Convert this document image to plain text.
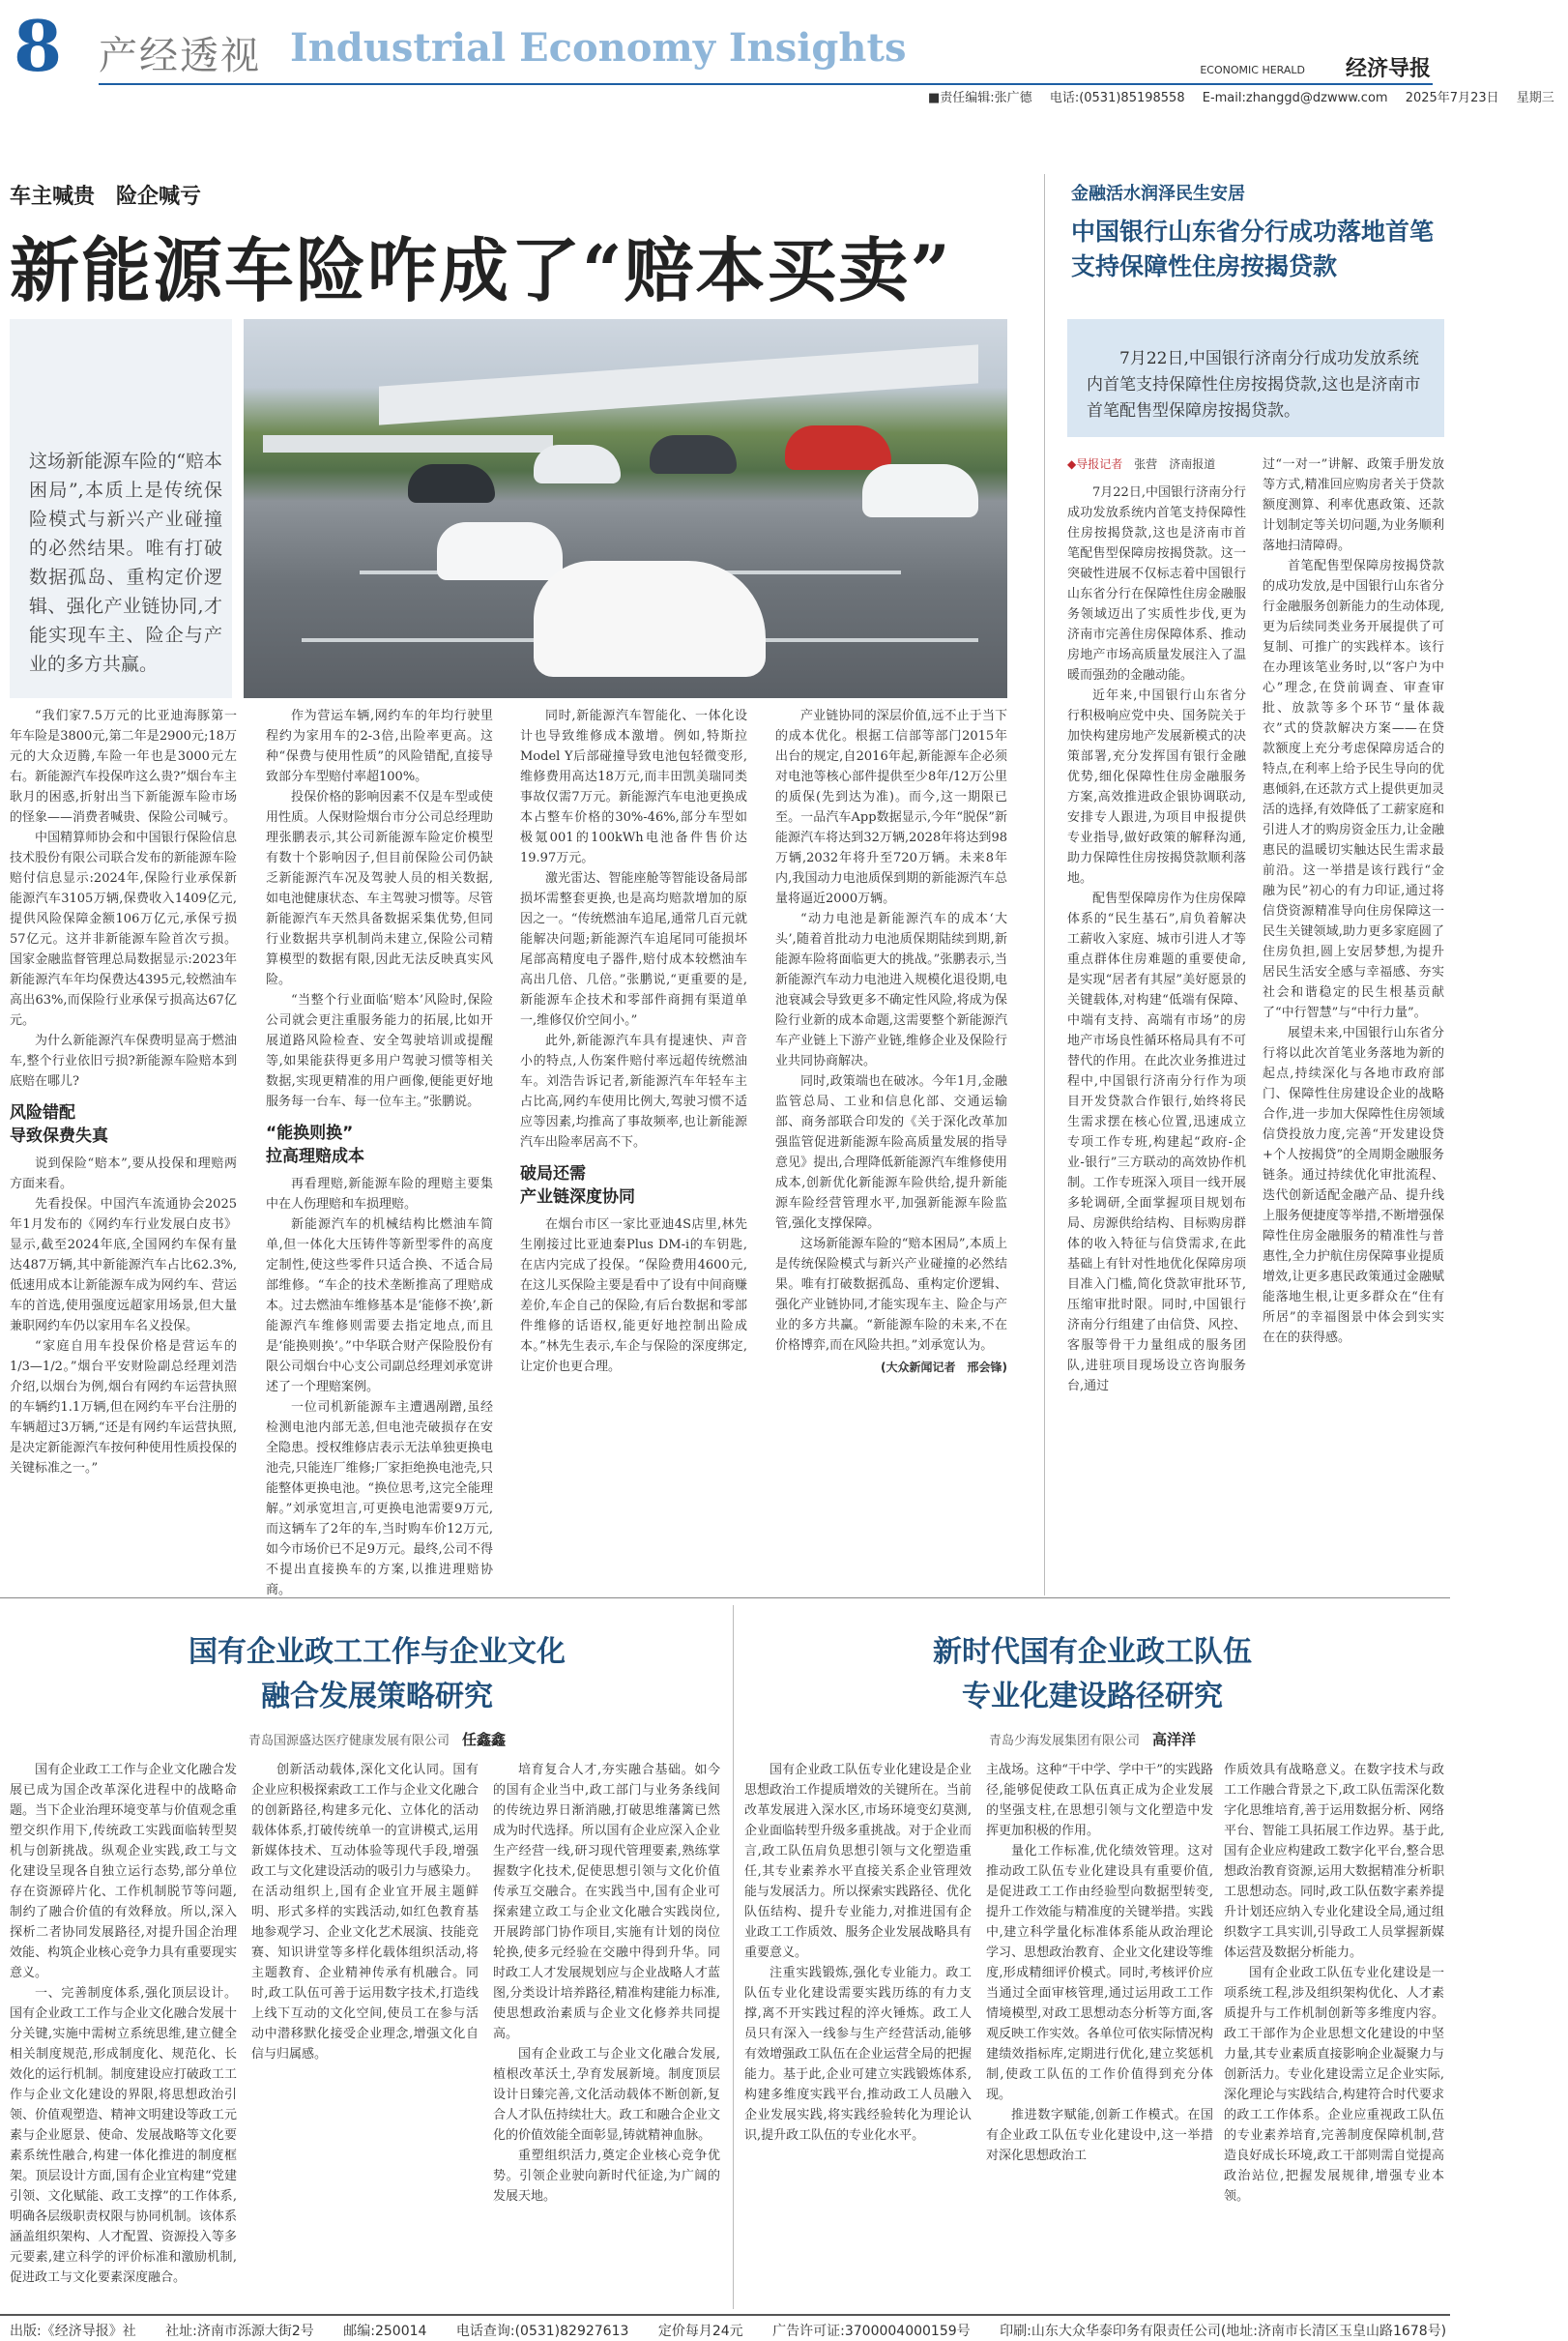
8 产经透视 Industrial Economy Insights	ECONOMIC HERALD 经济导报
■责任编辑:张广德 电话:(0531)85198558 E-mail:zhanggd@dzwww.com 2025年7月23日 星期三
车主喊贵　险企喊亏
新能源车险咋成了“赔本买卖”
这场新能源车险的“赔本困局”,本质上是传统保险模式与新兴产业碰撞的必然结果。唯有打破数据孤岛、重构定价逻辑、强化产业链协同,才能实现车主、险企与产业的多方共赢。

“我们家7.5万元的比亚迪海豚第一年车险是3800元,第二年是2900元;18万元的大众迈腾,车险一年也是3000元左右。新能源汽车投保咋这么贵?”烟台车主耿月的困惑,折射出当下新能源车险市场的怪象——消费者喊贵、保险公司喊亏。

中国精算师协会和中国银行保险信息技术股份有限公司联合发布的新能源车险赔付信息显示:2024年,保险行业承保新能源汽车3105万辆,保费收入1409亿元,提供风险保障金额106万亿元,承保亏损57亿元。这并非新能源车险首次亏损。国家金融监督管理总局数据显示:2023年新能源汽车年均保费达4395元,较燃油车高出63%,而保险行业承保亏损高达67亿元。

为什么新能源汽车保费明显高于燃油车,整个行业依旧亏损?新能源车险赔本到底赔在哪儿?

风险错配
导致保费失真

说到保险“赔本”,要从投保和理赔两方面来看。

先看投保。中国汽车流通协会2025年1月发布的《网约车行业发展白皮书》显示,截至2024年底,全国网约车保有量达487万辆,其中新能源汽车占比62.3%,低速用成本让新能源车成为网约车、营运车的首选,使用强度远超家用场景,但大量兼职网约车仍以家用车名义投保。

“家庭自用车投保价格是营运车的1/3—1/2。”烟台平安财险副总经理刘浩介绍,以烟台为例,烟台有网约车运营执照的车辆约1.1万辆,但在网约车平台注册的车辆超过3万辆,“还是有网约车运营执照,是决定新能源汽车按何种使用性质投保的关键标准之一。”

作为营运车辆,网约车的年均行驶里程约为家用车的2-3倍,出险率更高。这种“保费与使用性质”的风险错配,直接导致部分车型赔付率超100%。

投保价格的影响因素不仅是车型或使用性质。人保财险烟台市分公司总经理助理张鹏表示,其公司新能源车险定价模型有数十个影响因子,但目前保险公司仍缺乏新能源汽车况及驾驶人员的相关数据,如电池健康状态、车主驾驶习惯等。尽管新能源汽车天然具备数据采集优势,但同行业数据共享机制尚未建立,保险公司精算模型的数据有限,因此无法反映真实风险。

“当整个行业面临‘赔本’风险时,保险公司就会更注重服务能力的拓展,比如开展道路风险检查、安全驾驶培训或提醒等,如果能获得更多用户驾驶习惯等相关数据,实现更精准的用户画像,便能更好地服务每一台车、每一位车主。”张鹏说。

“能换则换”
拉高理赔成本

再看理赔,新能源车险的理赔主要集中在人伤理赔和车损理赔。

新能源汽车的机械结构比燃油车简单,但一体化大压铸件等新型零件的高度定制性,使这些零件只适合换、不适合局部维修。“车企的技术垄断推高了理赔成本。过去燃油车维修基本是‘能修不换’,新能源汽车维修则需要去指定地点,而且是‘能换则换’。”中华联合财产保险股份有限公司烟台中心支公司副总经理刘承宽讲述了一个理赔案例。

一位司机新能源车主遭遇剐蹭,虽经检测电池内部无恙,但电池壳破损存在安全隐患。授权维修店表示无法单独更换电池壳,只能连厂维修;厂家拒绝换电池壳,只能整体更换电池。“换位思考,这完全能理解。”刘承宽坦言,可更换电池需要9万元,而这辆车了2年的车,当时购车价12万元,如今市场价已不足9万元。最终,公司不得不提出直接换车的方案,以推进理赔协商。

同时,新能源汽车智能化、一体化设计也导致维修成本激增。例如,特斯拉Model Y后部碰撞导致电池包轻微变形,维修费用高达18万元,而丰田凯美瑞同类事故仅需7万元。新能源汽车电池更换成本占整车价格的30%-46%,部分车型如极氪001的100kWh电池备件售价达19.97万元。

激光雷达、智能座舱等智能设备局部损坏需整套更换,也是高均赔款增加的原因之一。“传统燃油车追尾,通常几百元就能解决问题;新能源汽车追尾同可能损坏尾部高精度电子器件,赔付成本较燃油车高出几倍、几倍。”张鹏说,“更重要的是,新能源车企技术和零部件商拥有渠道单一,维修仅价空间小。”

此外,新能源汽车具有提速快、声音小的特点,人伤案件赔付率远超传统燃油车。刘浩告诉记者,新能源汽车年轻车主占比高,网约车使用比例大,驾驶习惯不适应等因素,均推高了事故频率,也让新能源汽车出险率居高不下。

破局还需
产业链深度协同

在烟台市区一家比亚迪4S店里,林先生刚接过比亚迪秦Plus DM-i的车钥匙,在店内完成了投保。“保险费用4600元,在这儿买保险主要是看中了设有中间商赚差价,车企自己的保险,有后台数据和零部件维修的话语权,能更好地控制出险成本。”林先生表示,车企与保险的深度绑定,让定价也更合理。

产业链协同的深层价值,远不止于当下的成本优化。根据工信部等部门2015年出台的规定,自2016年起,新能源车企必须对电池等核心部件提供至少8年/12万公里的质保(先到达为准)。而今,这一期限已至。一品汽车App数据显示,今年“脱保”新能源汽车将达到32万辆,2028年将达到98万辆,2032年将升至720万辆。未来8年内,我国动力电池质保到期的新能源汽车总量将逼近2000万辆。

“动力电池是新能源汽车的成本‘大头’,随着首批动力电池质保期陆续到期,新能源车险将面临更大的挑战。”张鹏表示,当新能源汽车动力电池进入规模化退役期,电池衰减会导致更多不确定性风险,将成为保险行业新的成本命题,这需要整个新能源汽车产业链上下游产业链,维修企业及保险行业共同协商解决。

同时,政策端也在破冰。今年1月,金融监管总局、工业和信息化部、交通运输部、商务部联合印发的《关于深化改革加强监管促进新能源车险高质量发展的指导意见》提出,合理降低新能源汽车维修使用成本,创新优化新能源车险供给,提升新能源车险经营管理水平,加强新能源车险监管,强化支撑保障。

这场新能源车险的“赔本困局”,本质上是传统保险模式与新兴产业碰撞的必然结果。唯有打破数据孤岛、重构定价逻辑、强化产业链协同,才能实现车主、险企与产业的多方共赢。“新能源车险的未来,不在价格博弈,而在风险共担。”刘承宽认为。

(大众新闻记者　邢会锋)

金融活水润泽民生安居
中国银行山东省分行成功落地首笔支持保障性住房按揭贷款
7月22日,中国银行济南分行成功发放系统内首笔支持保障性住房按揭贷款,这也是济南市首笔配售型保障房按揭贷款。

◆导报记者　 张营　济南报道

7月22日,中国银行济南分行成功发放系统内首笔支持保障性住房按揭贷款,这也是济南市首笔配售型保障房按揭贷款。这一突破性进展不仅标志着中国银行山东省分行在保障性住房金融服务领域迈出了实质性步伐,更为济南市完善住房保障体系、推动房地产市场高质量发展注入了温暖而强劲的金融动能。

近年来,中国银行山东省分行积极响应党中央、国务院关于加快构建房地产发展新模式的决策部署,充分发挥国有银行金融优势,细化保障性住房金融服务方案,高效推进政企银协调联动,安排专人跟进,为项目申报提供专业指导,做好政策的解释沟通,助力保障性住房按揭贷款顺利落地。

配售型保障房作为住房保障体系的“民生基石”,肩负着解决工薪收入家庭、城市引进人才等重点群体住房难题的重要使命,是实现“居者有其屋”美好愿景的关键载体,对构建“低端有保障、中端有支持、高端有市场”的房地产市场良性循环格局具有不可替代的作用。在此次业务推进过程中,中国银行济南分行作为项目开发贷款合作银行,始终将民生需求摆在核心位置,迅速成立专项工作专班,构建起“政府-企业-银行”三方联动的高效协作机制。工作专班深入项目一线开展多轮调研,全面掌握项目规划布局、房源供给结构、目标购房群体的收入特征与信贷需求,在此基础上有针对性地优化保障房项目准入门槛,简化贷款审批环节,压缩审批时限。同时,中国银行济南分行组建了由信贷、风控、客服等骨干力量组成的服务团队,进驻项目现场设立咨询服务台,通过

过“一对一”讲解、政策手册发放等方式,精准回应购房者关于贷款额度测算、利率优惠政策、还款计划制定等关切问题,为业务顺利落地扫清障碍。

首笔配售型保障房按揭贷款的成功发放,是中国银行山东省分行金融服务创新能力的生动体现,更为后续同类业务开展提供了可复制、可推广的实践样本。该行在办理该笔业务时,以“客户为中心”理念,在贷前调查、审查审批、放款等多个环节“量体裁衣”式的贷款解决方案——在贷款额度上充分考虑保障房适合的特点,在利率上给予民生导向的优惠倾斜,在还款方式上提供更加灵活的选择,有效降低了工薪家庭和引进人才的购房资金压力,让金融惠民的温暖切实触达民生需求最前沿。这一举措是该行践行“金融为民”初心的有力印证,通过将信贷资源精准导向住房保障这一民生关键领域,助力更多家庭圆了住房负担,圆上安居梦想,为提升居民生活安全感与幸福感、夯实社会和谐稳定的民生根基贡献了“中行智慧”与“中行力量”。

展望未来,中国银行山东省分行将以此次首笔业务落地为新的起点,持续深化与各地市政府部门、保障性住房建设企业的战略合作,进一步加大保障性住房领域信贷投放力度,完善“开发建设贷+个人按揭贷”的全周期金融服务链条。通过持续优化审批流程、迭代创新适配金融产品、提升线上服务便捷度等举措,不断增强保障性住房金融服务的精准性与普惠性,全力护航住房保障事业提质增效,让更多惠民政策通过金融赋能落地生根,让更多群众在“住有所居”的幸福图景中体会到实实在在的获得感。

国有企业政工工作与企业文化
融合发展策略研究
青岛国源盛达医疗健康发展有限公司　 任鑫鑫

国有企业政工工作与企业文化融合发展已成为国企改革深化进程中的战略命题。当下企业治理环境变革与价值观念重塑交织作用下,传统政工实践面临转型契机与创新挑战。纵观企业实践,政工与文化建设呈现各自独立运行态势,部分单位存在资源碎片化、工作机制脱节等问题,制约了融合价值的有效释放。所以,深入探析二者协同发展路径,对提升国企治理效能、构筑企业核心竞争力具有重要现实意义。

一、完善制度体系,强化顶层设计。国有企业政工工作与企业文化融合发展十分关键,实施中需树立系统思维,建立健全相关制度规范,形成制度化、规范化、长效化的运行机制。制度建设应打破政工工作与企业文化建设的界限,将思想政治引领、价值观塑造、精神文明建设等政工元素与企业愿景、使命、发展战略等文化要素系统性融合,构建一体化推进的制度框架。顶层设计方面,国有企业宜构建“党建引领、文化赋能、政工支撑”的工作体系,明确各层级职责权限与协同机制。该体系涵盖组织架构、人才配置、资源投入等多元要素,建立科学的评价标准和激励机制,促进政工与文化要素深度融合。

创新活动载体,深化文化认同。国有企业应积极探索政工工作与企业文化融合的创新路径,构建多元化、立体化的活动载体体系,打破传统单一的宣讲模式,运用新媒体技术、互动体验等现代手段,增强政工与文化建设活动的吸引力与感染力。在活动组织上,国有企业宜开展主题鲜明、形式多样的实践活动,如红色教育基地参观学习、企业文化艺术展演、技能竞赛、知识讲堂等多样化载体组织活动,将主题教育、企业精神传承有机融合。同时,政工队伍可善于运用数字技术,打造线上线下互动的文化空间,使员工在参与活动中潜移默化接受企业理念,增强文化自信与归属感。

培育复合人才,夯实融合基础。如今的国有企业当中,政工部门与业务条线间的传统边界日渐消融,打破思维藩篱已然成为时代选择。所以国有企业应深入企业生产经营一线,研习现代管理要素,熟练掌握数字化技术,促使思想引领与文化价值传承互交融合。在实践当中,国有企业可探索建立政工与企业文化融合实践岗位,开展跨部门协作项目,实施有计划的岗位轮换,使多元经验在交融中得到升华。同时政工人才发展规划应与企业战略人才蓝图,分类设计培养路径,精准构建能力标准,使思想政治素质与企业文化修养共同提高。

国有企业政工与企业文化融合发展,植根改革沃土,孕育发展新境。制度顶层设计日臻完善,文化活动载体不断创新,复合人才队伍持续壮大。政工和融合企业文化的价值效能全面彰显,铸就精神血脉。

重塑组织活力,奠定企业核心竞争优势。引领企业驶向新时代征途,为广阔的发展天地。

新时代国有企业政工队伍
专业化建设路径研究
青岛少海发展集团有限公司　 高洋洋

国有企业政工队伍专业化建设是企业思想政治工作提质增效的关键所在。当前改革发展进入深水区,市场环境变幻莫测,企业面临转型升级多重挑战。对于企业而言,政工队伍肩负思想引领与文化塑造重任,其专业素养水平直接关系企业管理效能与发展活力。所以探索实践路径、优化队伍结构、提升专业能力,对推进国有企业政工工作质效、服务企业发展战略具有重要意义。

注重实践锻炼,强化专业能力。政工队伍专业化建设需要实践历练的有力支撑,离不开实践过程的淬火锤炼。政工人员只有深入一线参与生产经营活动,能够有效增强政工队伍在企业运营全局的把握能力。基于此,企业可建立实践锻炼体系,构建多维度实践平台,推动政工人员融入企业发展实践,将实践经验转化为理论认识,提升政工队伍的专业化水平。

主战场。这种“干中学、学中干”的实践路径,能够促使政工队伍真正成为企业发展的坚强支柱,在思想引领与文化塑造中发挥更加积极的作用。

量化工作标准,优化绩效管理。这对推动政工队伍专业化建设具有重要价值,是促进政工工作由经验型向数据型转变,提升工作效能与精准度的关键举措。实践中,建立科学量化标准体系能从政治理论学习、思想政治教育、企业文化建设等维度,形成精细评价模式。同时,考核评价应当通过全面审核管理,通过运用政工工作情境模型,对政工思想动态分析等方面,客观反映工作实效。各单位可依实际情况构建绩效指标库,定期进行优化,建立奖惩机制,使政工队伍的工作价值得到充分体现。

推进数字赋能,创新工作模式。在国有企业政工队伍专业化建设中,这一举措对深化思想政治工

作质效具有战略意义。在数字技术与政工工作融合背景之下,政工队伍需深化数字化思维培育,善于运用数据分析、网络平台、智能工具拓展工作边界。基于此,国有企业应构建政工数字化平台,整合思想政治教育资源,运用大数据精准分析职工思想动态。同时,政工队伍数字素养提升计划还应纳入专业化建设全局,通过组织数字工具实训,引导政工人员掌握新媒体运营及数据分析能力。

国有企业政工队伍专业化建设是一项系统工程,涉及组织架构优化、人才素质提升与工作机制创新等多维度内容。政工干部作为企业思想文化建设的中坚力量,其专业素质直接影响企业凝聚力与创新活力。专业化建设需立足企业实际,深化理论与实践结合,构建符合时代要求的政工工作体系。企业应重视政工队伍的专业素养培育,完善制度保障机制,营造良好成长环境,政工干部则需自觉提高政治站位,把握发展规律,增强专业本领。

出版:《经济导报》社 社址:济南市泺源大街2号 邮编:250014 电话查询:(0531)82927613 定价每月24元 广告许可证:3700004000159号 印刷:山东大众华泰印务有限责任公司(地址:济南市长清区玉皇山路1678号)
